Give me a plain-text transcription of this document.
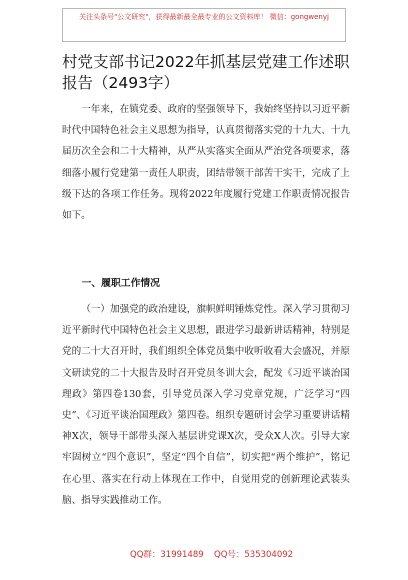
关注头条号"公文研究"，获得最新最全最专业的公文资料库！ 微信：gongwenyj
村党支部书记2022年抓基层党建工作述职报告（2493字）

一年来，在镇党委、政府的坚强领导下，我始终坚持以习近平新时代中国特色社会主义思想为指导，认真贯彻落实党的十九大、十九届历次全会和二十大精神，从严从实落实全面从严治党各项要求，落细落小履行党建第一责任人职责，团结带领干部苦干实干，完成了上级下达的各项工作任务。现将2022年度履行党建工作职责情况报告如下。

一、履职工作情况

（一）加强党的政治建设，旗帜鲜明锤炼党性。深入学习贯彻习近平新时代中国特色社会主义思想，跟进学习最新讲话精神，特别是党的二十大召开时，我们组织全体党员集中收听收看大会盛况，并原文研读党的二十大报告及时召开党员冬训大会，配发《习近平谈治国理政》第四卷130套，引导党员深入学习党章党规，广泛学习“四史”、《习近平谈治国理政》第四卷。组织专题研讨会学习重要讲话精神X次，领导干部带头深入基层讲党课X次，受众X人次。引导大家牢固树立“四个意识”，坚定“四个自信”，切实把“两个维护”，铭记在心里、落实在行动上体现在工作中，自觉用党的创新理论武装头脑、指导实践推动工作。

QQ群：31991489 QQ号：535304092
